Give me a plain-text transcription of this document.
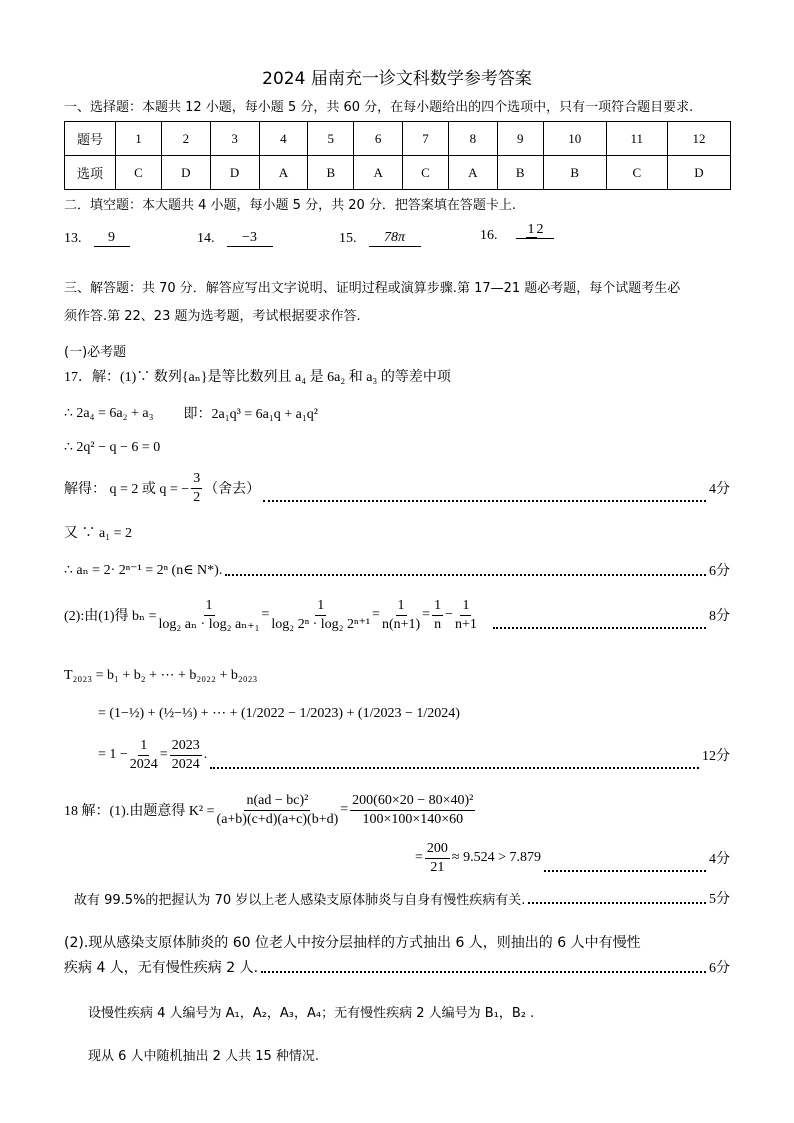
2024 届南充一诊文科数学参考答案
一、选择题：本题共 12 小题，每小题 5 分，共 60 分，在每小题给出的四个选项中，只有一项符合题目要求.
题号	1	2	3	4	5	6	7	8	9	10	11	12
选项	C	D	D	A	B	A	C	A	B	B	C	D
二．填空题：本大题共 4 小题，每小题 5 分，共 20 分．把答案填在答题卡上.
13.	9	14.	−3	15.	78π	16.	1 2
三、解答题：共 70 分．解答应写出文字说明、证明过程或演算步骤.第 17—21 题必考题，每个试题考生必
须作答.第 22、23 题为选考题，考试根据要求作答.
(一)必考题
17．解：(1)∵ 数列{aₙ}是等比数列且 a₄ 是 6a₂ 和 a₃ 的等差中项
∴ 2a₄ = 6a₂ + a₃ 即：2a₁q³ = 6a₁q + a₁q²
∴ 2q² − q − 6 = 0
解得： q = 2 或 q = − $\frac{3}{2}$ （舍去）	4分
又 ∵ a₁ = 2
∴ aₙ = 2· 2ⁿ⁻¹ = 2ⁿ (n∈ N*).	6分
(2):由(1)得 $b_n = \frac{1}{\text{log₂ aₙ · log₂ aₙ₊₁}} = \frac{1}{\text{log₂ 2ⁿ · log₂ 2ⁿ⁺¹}} = \frac{1}{n(n+1)} = \frac{1}{n} - \frac{1}{n+1}$	8分
T₂₀₂₃ = b₁ + b₂ + ⋯ + b₂₀₂₂ + b₂₀₂₃
= (1−½) + (½−⅓) + ⋯ + (1/2022 − 1/2023) + (1/2023 − 1/2024)
= $1 - \frac{1}{2024} = \frac{2023}{2024}$ .	12分
18 解：(1).由题意得 $K^2 = \frac{\text{n(ad − bc)²}}{(a+b)(c+d)(a+c)(b+d)} = \frac{\text{200(60×20 − 80×40)²}}{100\times 100\times 140\times 60}$
= $\frac{200}{21} \approx 9.524 > 7.879$	4分
故有 99.5%的把握认为 70 岁以上老人感染支原体肺炎与自身有慢性疾病有关.	5分
(2).现从感染支原体肺炎的 60 位老人中按分层抽样的方式抽出 6 人，则抽出的 6 人中有慢性
疾病 4 人，无有慢性疾病 2 人.	6分
设慢性疾病 4 人编号为 A₁，A₂，A₃，A₄；无有慢性疾病 2 人编号为 B₁，B₂ .
现从 6 人中随机抽出 2 人共 15 种情况.
